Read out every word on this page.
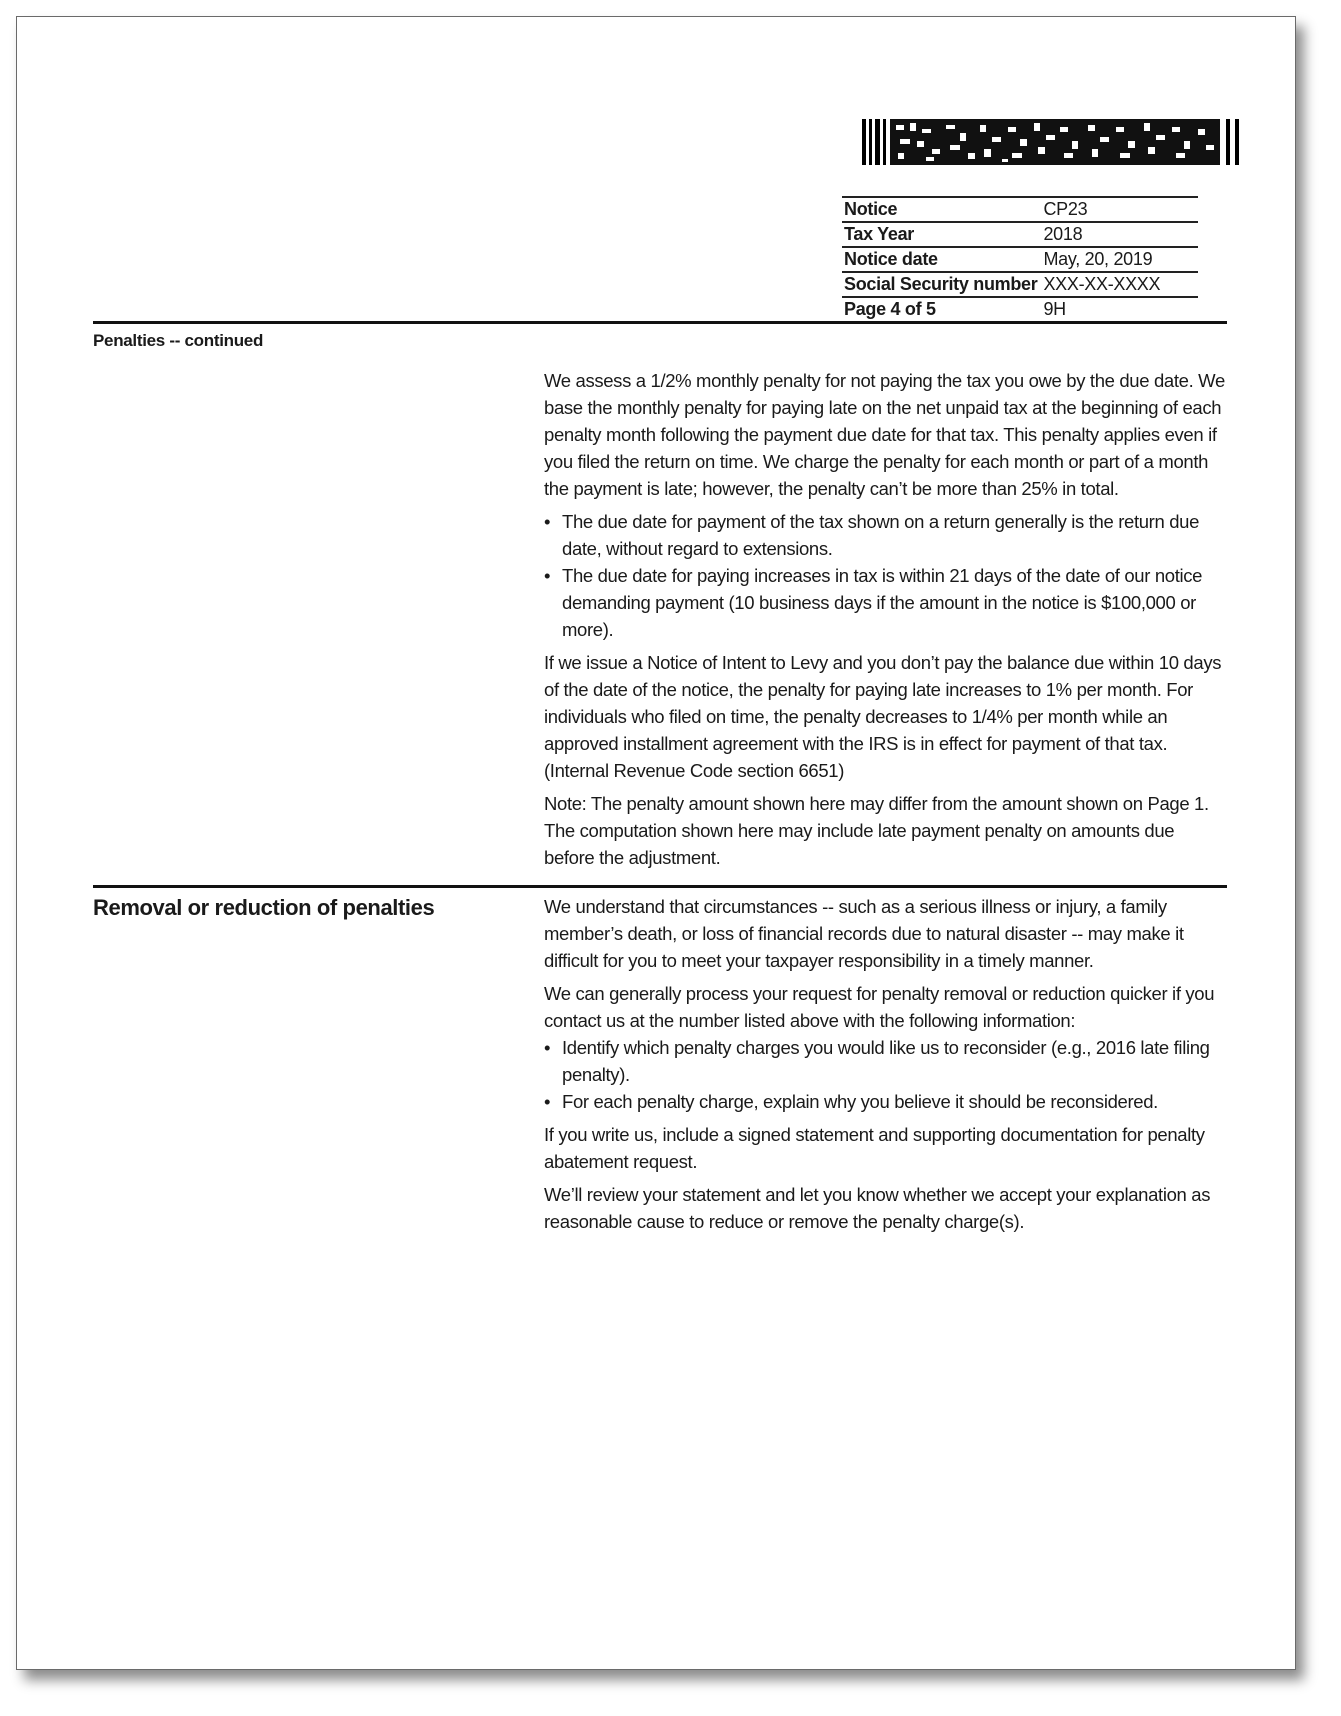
Notice	CP23
Tax Year	2018
Notice date	May, 20, 2019
Social Security number	XXX-XX-XXXX
Page 4 of 5	9H
Penalties -- continued

We assess a 1/2% monthly penalty for not paying the tax you owe by the due date. We base the monthly penalty for paying late on the net unpaid tax at the beginning of each penalty month following the payment due date for that tax. This penalty applies even if you filed the return on time. We charge the penalty for each month or part of a month the payment is late; however, the penalty can’t be more than 25% in total.

• The due date for payment of the tax shown on a return generally is the return due date, without regard to extensions.
• The due date for paying increases in tax is within 21 days of the date of our notice demanding payment (10 business days if the amount in the notice is $100,000 or more).

If we issue a Notice of Intent to Levy and you don’t pay the balance due within 10 days of the date of the notice, the penalty for paying late increases to 1% per month. For individuals who filed on time, the penalty decreases to 1/4% per month while an approved installment agreement with the IRS is in effect for payment of that tax. (Internal Revenue Code section 6651)

Note: The penalty amount shown here may differ from the amount shown on Page 1. The computation shown here may include late payment penalty on amounts due before the adjustment.

Removal or reduction of penalties	We understand that circumstances -- such as a serious illness or injury, a family member’s death, or loss of financial records due to natural disaster -- may make it difficult for you to meet your taxpayer responsibility in a timely manner.

We can generally process your request for penalty removal or reduction quicker if you contact us at the number listed above with the following information:

• Identify which penalty charges you would like us to reconsider (e.g., 2016 late filing penalty).
• For each penalty charge, explain why you believe it should be reconsidered.

If you write us, include a signed statement and supporting documentation for penalty abatement request.

We’ll review your statement and let you know whether we accept your explanation as reasonable cause to reduce or remove the penalty charge(s).
